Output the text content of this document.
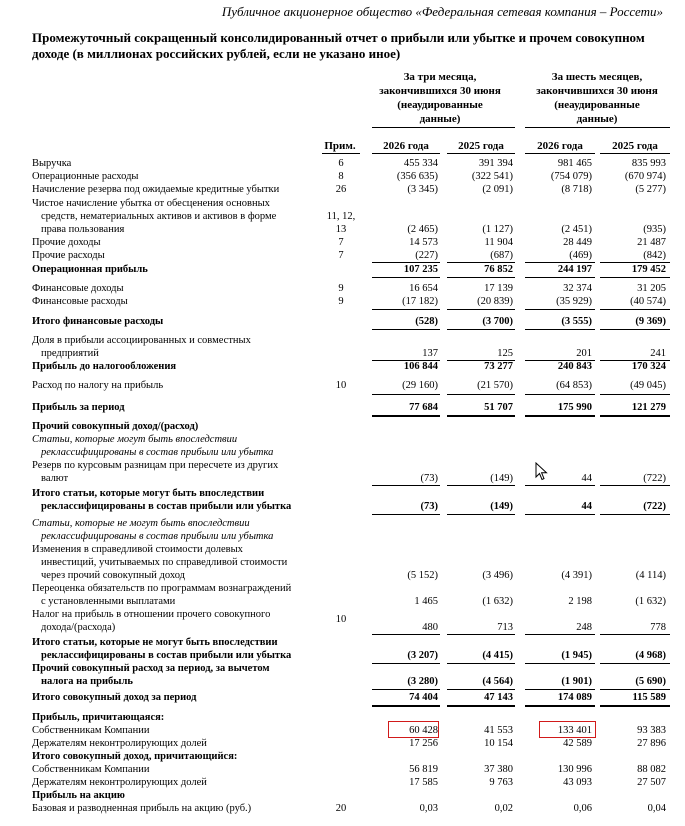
Публичное акционерное общество «Федеральная сетевая компания – Россети»
Промежуточный сокращенный консолидированный отчет о прибыли или убытке и прочем совокупном
доходе (в миллионах российских рублей, если не указано иное)
За три месяца,
закончившихся 30 июня
(неаудированные
данные)
За шесть месяцев,
закончившихся 30 июня
(неаудированные
данные)
Прим.	2026 года	2025 года	2026 года	2025 года
Выручка	6	455 334	391 394	981 465	835 993
Операционные расходы	8	(356 635)	(322 541)	(754 079)	(670 974)
Начисление резерва под ожидаемые кредитные убытки	26	(3 345)	(2 091)	(8 718)	(5 277)
Чистое начисление убытка от обесценения основных
средств, нематериальных активов и активов в форме
права пользования
11, 12,
13	(2 465)	(1 127)	(2 451)	(935)
Прочие доходы	7	14 573	11 904	28 449	21 487
Прочие расходы	7	(227)	(687)	(469)	(842)
Операционная прибыль	107 235	76 852	244 197	179 452
Финансовые доходы	9	16 654	17 139	32 374	31 205
Финансовые расходы	9	(17 182)	(20 839)	(35 929)	(40 574)
Итого финансовые расходы	(528)	(3 700)	(3 555)	(9 369)
Доля в прибыли ассоциированных и совместных
предприятий	137	125	201	241
Прибыль до налогообложения	106 844	73 277	240 843	170 324
Расход по налогу на прибыль	10	(29 160)	(21 570)	(64 853)	(49 045)
Прибыль за период	77 684	51 707	175 990	121 279
Прочий совокупный доход/(расход)
Статьи, которые могут быть впоследствии
реклассифицированы в состав прибыли или убытка
Резерв по курсовым разницам при пересчете из других
валют	(73)	(149)	44	(722)
Итого статьи, которые могут быть впоследствии
реклассифицированы в состав прибыли или убытка	(73)	(149)	44	(722)
Статьи, которые не могут быть впоследствии
реклассифицированы в состав прибыли или убытка
Изменения в справедливой стоимости долевых
инвестиций, учитываемых по справедливой стоимости
через прочий совокупный доход	(5 152)	(3 496)	(4 391)	(4 114)
Переоценка обязательств по программам вознаграждений
с установленными выплатами	1 465	(1 632)	2 198	(1 632)
Налог на прибыль в отношении прочего совокупного
дохода/(расхода)
10
480	713	248	778
Итого статьи, которые не могут быть впоследствии
реклассифицированы в состав прибыли или убытка	(3 207)	(4 415)	(1 945)	(4 968)
Прочий совокупный расход за период, за вычетом
налога на прибыль	(3 280)	(4 564)	(1 901)	(5 690)
Итого совокупный доход за период	74 404	47 143	174 089	115 589
Прибыль, причитающаяся:
Собственникам Компании	60 428	41 553	133 401	93 383
Держателям неконтролирующих долей	17 256	10 154	42 589	27 896
Итого совокупный доход, причитающийся:
Собственникам Компании	56 819	37 380	130 996	88 082
Держателям неконтролирующих долей	17 585	9 763	43 093	27 507
Прибыль на акцию
Базовая и разводненная прибыль на акцию (руб.)	20	0,03	0,02	0,06	0,04
